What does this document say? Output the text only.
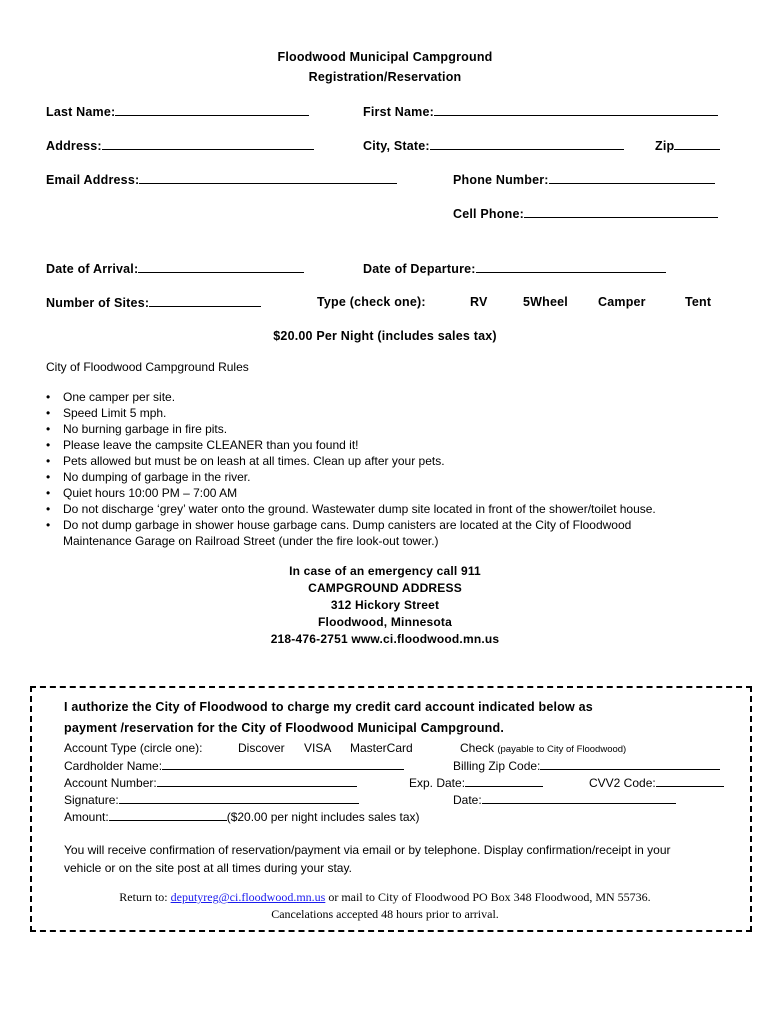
Floodwood Municipal Campground
Registration/Reservation
Last Name:	First Name:
Address:	City, State:	Zip
Email Address:	Phone Number:
Cell Phone:
Date of Arrival:	Date of Departure:
Number of Sites:	Type (check one):	RV	5Wheel Camper	Tent
$20.00 Per Night (includes sales tax)
City of Floodwood Campground Rules
• One camper per site.
• Speed Limit 5 mph.
• No burning garbage in fire pits.
• Please leave the campsite CLEANER than you found it!
• Pets allowed but must be on leash at all times. Clean up after your pets.
• No dumping of garbage in the river.
• Quiet hours 10:00 PM – 7:00 AM
• Do not discharge ‘grey’ water onto the ground. Wastewater dump site located in front of the shower/toilet house.
• Do not dump garbage in shower house garbage cans. Dump canisters are located at the City of Floodwood Maintenance Garage on Railroad Street (under the fire look-out tower.)
In case of an emergency call 911
CAMPGROUND ADDRESS
312 Hickory Street
Floodwood, Minnesota
218-476-2751 www.ci.floodwood.mn.us
I authorize the City of Floodwood to charge my credit card account indicated below as
payment /reservation for the City of Floodwood Municipal Campground.
Account Type (circle one):	Discover VISA MasterCard	Check (payable to City of Floodwood)
Cardholder Name:	Billing Zip Code:
Account Number:	Exp. Date:	CVV2 Code:
Signature:	Date:
Amount:	($20.00 per night includes sales tax)
You will receive confirmation of reservation/payment via email or by telephone. Display confirmation/receipt in your
vehicle or on the site post at all times during your stay.
Return to: deputyreg@ci.floodwood.mn.us or mail to City of Floodwood PO Box 348 Floodwood, MN 55736.
Cancelations accepted 48 hours prior to arrival.
